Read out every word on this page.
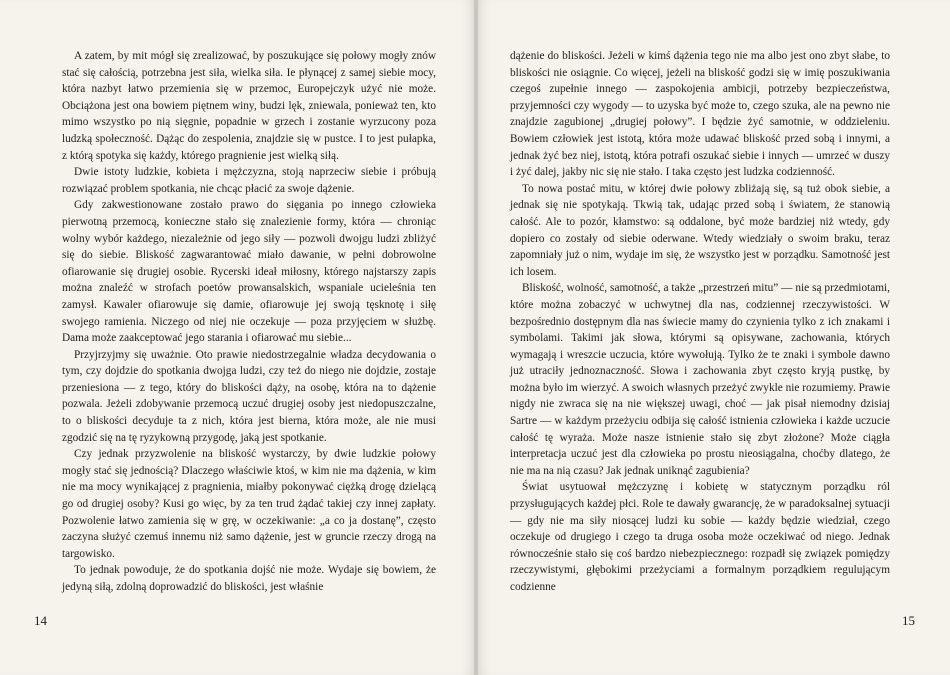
A zatem, by mit mógł się zrealizować, by poszukujące się połowy mogły znów stać się całością, potrzebna jest siła, wielka siła. Ie płynącej z samej siebie mocy, która nazbyt łatwo przemienia się w przemoc, Europejczyk użyć nie może. Obciążona jest ona bowiem piętnem winy, budzi lęk, zniewala, ponieważ ten, kto mimo wszystko po nią sięgnie, popadnie w grzech i zostanie wyrzucony poza ludzką społeczność. Dążąc do zespolenia, znajdzie się w pustce. I to jest pułapka, z którą spotyka się każdy, którego pragnienie jest wielką siłą.

Dwie istoty ludzkie, kobieta i mężczyzna, stoją naprzeciw siebie i próbują rozwiązać problem spotkania, nie chcąc płacić za swoje dążenie.

Gdy zakwestionowane zostało prawo do sięgania po innego człowieka pierwotną przemocą, konieczne stało się znalezienie formy, która — chroniąc wolny wybór każdego, niezależnie od jego siły — pozwoli dwojgu ludzi zbliżyć się do siebie. Bliskość zagwarantować miało dawanie, w pełni dobrowolne ofiarowanie się drugiej osobie. Rycerski ideał miłosny, którego najstarszy zapis można znaleźć w strofach poetów prowansalskich, wspaniale ucieleśnia ten zamysł. Kawaler ofiarowuje się damie, ofiarowuje jej swoją tęsknotę i siłę swojego ramienia. Niczego od niej nie oczekuje — poza przyjęciem w służbę. Dama może zaakceptować jego starania i ofiarować mu siebie...

Przyjrzyjmy się uważnie. Oto prawie niedostrzegalnie władza decydowania o tym, czy dojdzie do spotkania dwojga ludzi, czy też do niego nie dojdzie, zostaje przeniesiona — z tego, który do bliskości dąży, na osobę, która na to dążenie pozwala. Jeżeli zdobywanie przemocą uczuć drugiej osoby jest niedopuszczalne, to o bliskości decyduje ta z nich, która jest bierna, która może, ale nie musi zgodzić się na tę ryzykowną przygodę, jaką jest spotkanie.

Czy jednak przyzwolenie na bliskość wystarczy, by dwie ludzkie połowy mogły stać się jednością? Dlaczego właściwie ktoś, w kim nie ma dążenia, w kim nie ma mocy wynikającej z pragnienia, miałby pokonywać ciężką drogę dzielącą go od drugiej osoby? Kusi go więc, by za ten trud żądać takiej czy innej zapłaty. Pozwolenie łatwo zamienia się w grę, w oczekiwanie: „a co ja dostanę”, często zaczyna służyć czemuś innemu niż samo dążenie, jest w gruncie rzeczy drogą na targowisko.

To jednak powoduje, że do spotkania dojść nie może. Wydaje się bowiem, że jedyną siłą, zdolną doprowadzić do bliskości, jest właśnie

14

dążenie do bliskości. Jeżeli w kimś dążenia tego nie ma albo jest ono zbyt słabe, to bliskości nie osiągnie. Co więcej, jeżeli na bliskość godzi się w imię poszukiwania czegoś zupełnie innego — zaspokojenia ambicji, potrzeby bezpieczeństwa, przyjemności czy wygody — to uzyska być może to, czego szuka, ale na pewno nie znajdzie zagubionej „drugiej połowy”. I będzie żyć samotnie, w oddzieleniu. Bowiem człowiek jest istotą, która może udawać bliskość przed sobą i innymi, a jednak żyć bez niej, istotą, która potrafi oszukać siebie i innych — umrzeć w duszy i żyć dalej, jakby nic się nie stało. I taka często jest ludzka codzienność.

To nowa postać mitu, w której dwie połowy zbliżają się, są tuż obok siebie, a jednak się nie spotykają. Tkwią tak, udając przed sobą i światem, że stanowią całość. Ale to pozór, kłamstwo: są oddalone, być może bardziej niż wtedy, gdy dopiero co zostały od siebie oderwane. Wtedy wiedziały o swoim braku, teraz zapomniały już o nim, wydaje im się, że wszystko jest w porządku. Samotność jest ich losem.

Bliskość, wolność, samotność, a także „przestrzeń mitu” — nie są przedmiotami, które można zobaczyć w uchwytnej dla nas, codziennej rzeczywistości. W bezpośrednio dostępnym dla nas świecie mamy do czynienia tylko z ich znakami i symbolami. Takimi jak słowa, którymi są opisywane, zachowania, których wymagają i wreszcie uczucia, które wywołują. Tylko że te znaki i symbole dawno już utraciły jednoznaczność. Słowa i zachowania zbyt często kryją pustkę, by można było im wierzyć. A swoich własnych przeżyć zwykle nie rozumiemy. Prawie nigdy nie zwraca się na nie większej uwagi, choć — jak pisał niemodny dzisiaj Sartre — w każdym przeżyciu odbija się całość istnienia człowieka i każde uczucie całość tę wyraża. Może nasze istnienie stało się zbyt złożone? Może ciągła interpretacja uczuć jest dla człowieka po prostu nieosiągalna, choćby dlatego, że nie ma na nią czasu? Jak jednak uniknąć zagubienia?

Świat usytuował mężczyznę i kobietę w statycznym porządku ról przysługujących każdej płci. Role te dawały gwarancję, że w paradoksalnej sytuacji — gdy nie ma siły niosącej ludzi ku sobie — każdy będzie wiedział, czego oczekuje od drugiego i czego ta druga osoba może oczekiwać od niego. Jednak równocześnie stało się coś bardzo niebezpiecznego: rozpadł się związek pomiędzy rzeczywistymi, głębokimi przeżyciami a formalnym porządkiem regulującym codzienne

15
